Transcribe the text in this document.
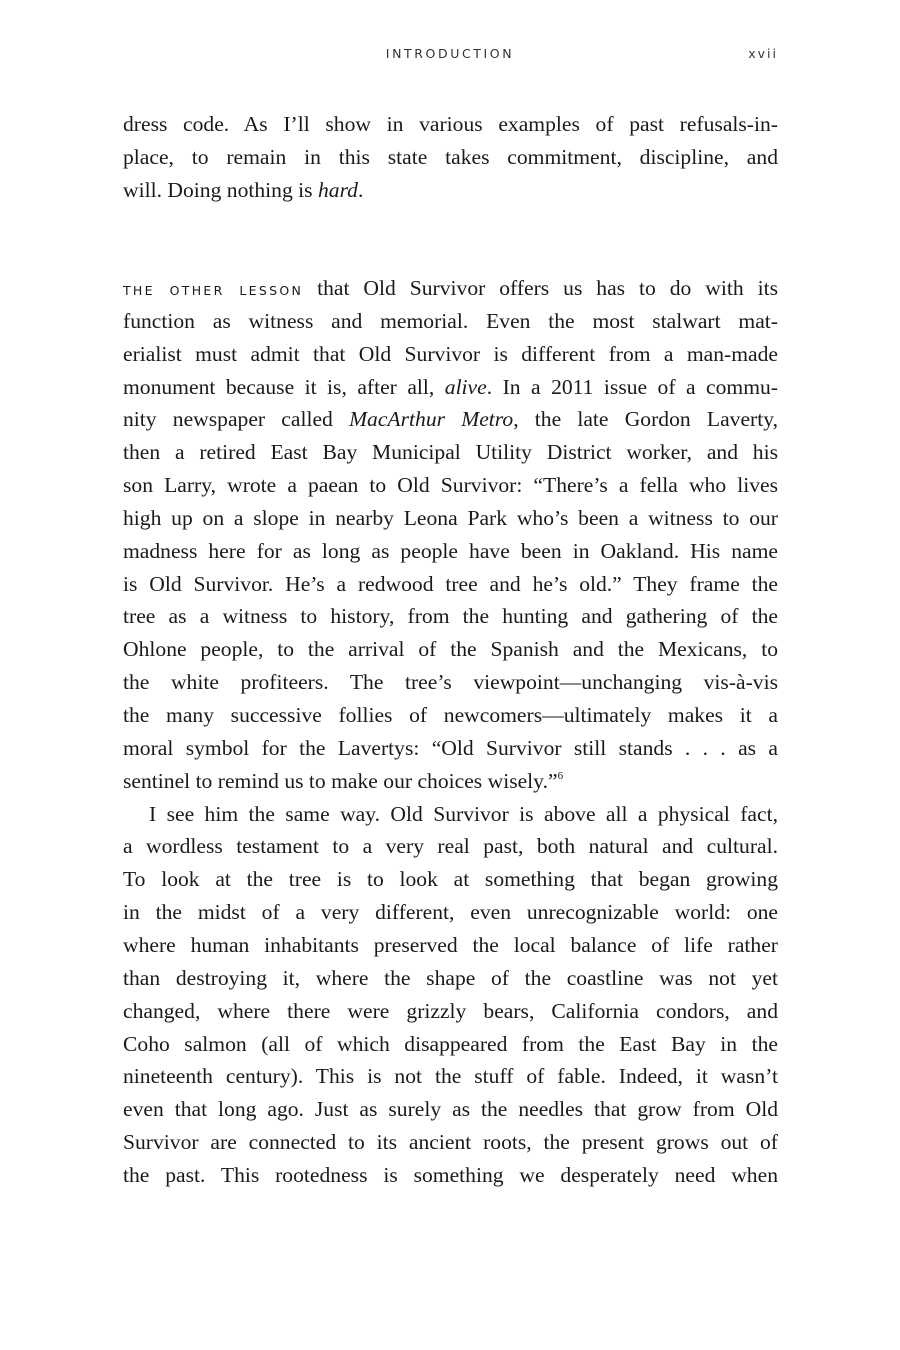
INTRODUCTION	xvii
dress code. As I’ll show in various examples of past refusals-in-
place, to remain in this state takes commitment, discipline, and
will. Doing nothing is hard.
THE OTHER LESSON that Old Survivor offers us has to do with its
function as witness and memorial. Even the most stalwart mat-
erialist must admit that Old Survivor is different from a man-made
monument because it is, after all, alive. In a 2011 issue of a commu-
nity newspaper called MacArthur Metro, the late Gordon Laverty,
then a retired East Bay Municipal Utility District worker, and his
son Larry, wrote a paean to Old Survivor: “There’s a fella who lives
high up on a slope in nearby Leona Park who’s been a witness to our
madness here for as long as people have been in Oakland. His name
is Old Survivor. He’s a redwood tree and he’s old.” They frame the
tree as a witness to history, from the hunting and gathering of the
Ohlone people, to the arrival of the Spanish and the Mexicans, to
the white profiteers. The tree’s viewpoint—unchanging vis-à-vis
the many successive follies of newcomers—ultimately makes it a
moral symbol for the Lavertys: “Old Survivor still stands . . . as a
sentinel to remind us to make our choices wisely.”$^6$
I see him the same way. Old Survivor is above all a physical fact,
a wordless testament to a very real past, both natural and cultural.
To look at the tree is to look at something that began growing
in the midst of a very different, even unrecognizable world: one
where human inhabitants preserved the local balance of life rather
than destroying it, where the shape of the coastline was not yet
changed, where there were grizzly bears, California condors, and
Coho salmon (all of which disappeared from the East Bay in the
nineteenth century). This is not the stuff of fable. Indeed, it wasn’t
even that long ago. Just as surely as the needles that grow from Old
Survivor are connected to its ancient roots, the present grows out of
the past. This rootedness is something we desperately need when
